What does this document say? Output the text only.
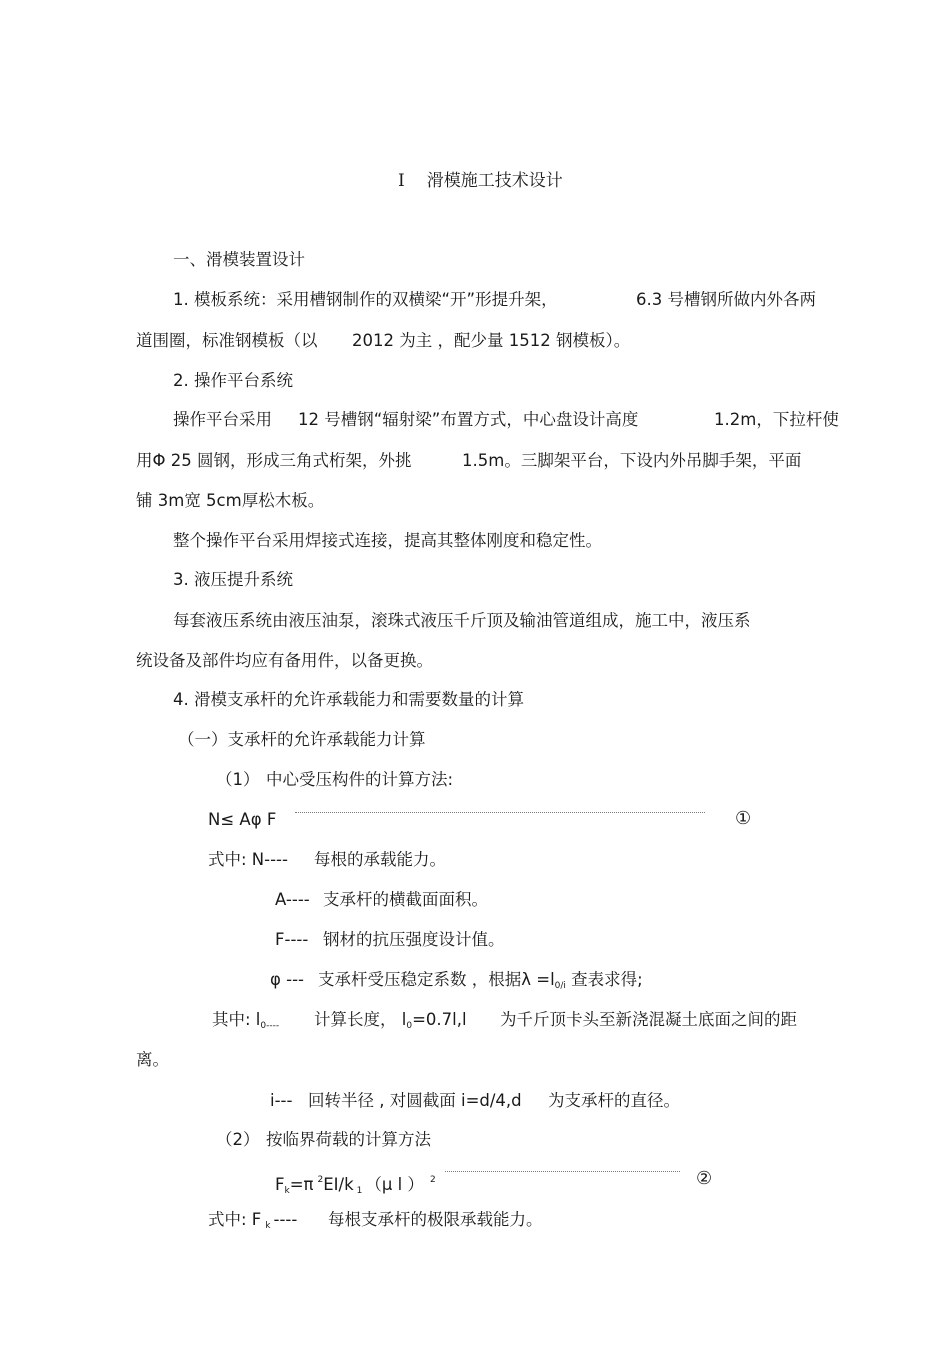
Ⅰ 滑模施工技术设计
一、滑模装置设计
1. 模板系统：采用槽钢制作的双横梁“开”形提升架，	6.3 号槽钢所做内外各两
道围圈，标准钢模板（以 2012 为主 ，配少量 1512 钢模板）。
2. 操作平台系统
操作平台采用 12 号槽钢“辐射梁”布置方式，中心盘设计高度	1.2m，下拉杆使
用Φ 25 圆钢，形成三角式桁架，外挑	1.5m。三脚架平台，下设内外吊脚手架，平面
铺 3m宽 5cm厚松木板。
整个操作平台采用焊接式连接，提高其整体刚度和稳定性。
3. 液压提升系统
每套液压系统由液压油泵，滚珠式液压千斤顶及输油管道组成，施工中，液压系
统设备及部件均应有备用件，以备更换。
4. 滑模支承杆的允许承载能力和需要数量的计算
（一）支承杆的允许承载能力计算
（1） 中心受压构件的计算方法:
N≤ Aφ F	①
式中: N---- 每根的承载能力。
A---- 支承杆的横截面面积。
F---- 钢材的抗压强度设计值。
φ --- 支承杆受压稳定系数 ，根据$\lambda =l_{0/i}$ 查表求得;
其中: $l_{0----}$ 计算长度， $l_0=0.7l,l$ 为千斤顶卡头至新浇混凝土底面之间的距
离。
i--- 回转半径 , 对圆截面 i=d/4,d 为支承杆的直径。
（2） 按临界荷载的计算方法
$F_k=\pi$ $^2$EI/k $_1$ （μ l ） $^2$	②
式中: F $_k$ ---- 每根支承杆的极限承载能力。
